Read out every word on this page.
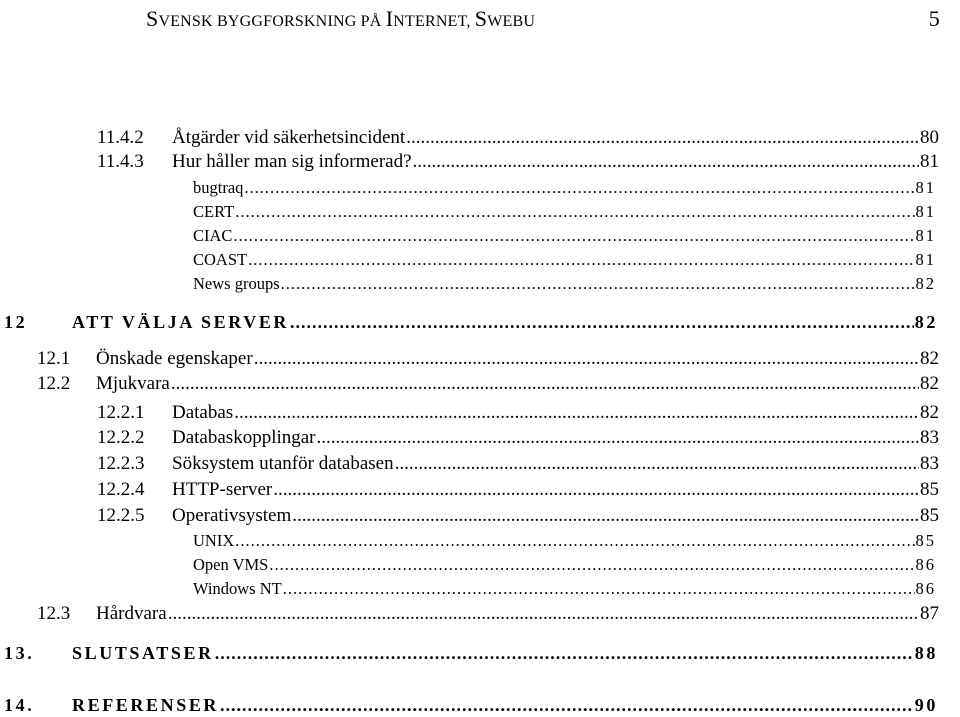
SVENSK BYGGFORSKNING PÅ INTERNET, SWEBU	5
11.4.2	Åtgärder vid säkerhetsincident .....	80
11.4.3	Hur håller man sig informerad? .....	81
bugtraq .....	81
CERT .....	81
CIAC .....	81
COAST .....	81
News groups .....	82
12	ATT VÄLJA SERVER .....	82
12.1	Önskade egenskaper .....	82
12.2	Mjukvara .....	82
12.2.1	Databas .....	82
12.2.2	Databaskopplingar .....	83
12.2.3	Söksystem utanför databasen .....	83
12.2.4	HTTP-server .....	85
12.2.5	Operativsystem .....	85
UNIX .....	85
Open VMS .....	86
Windows NT .....	86
12.3	Hårdvara .....	87
13.	SLUTSATSER .....	88
14.	REFERENSER .....	90
